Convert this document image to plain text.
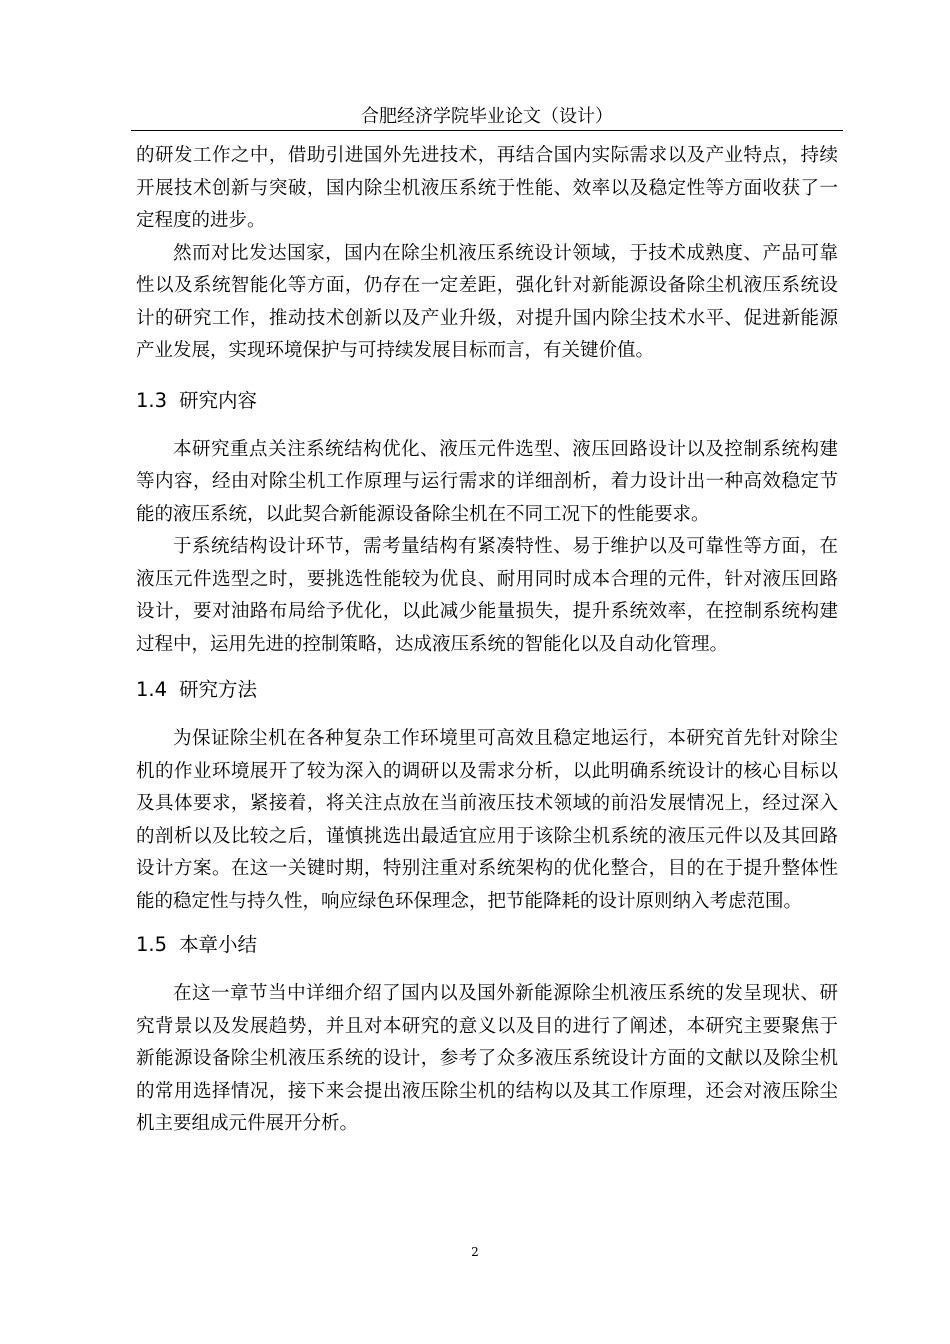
合肥经济学院毕业论文（设计）

的研发工作之中，借助引进国外先进技术，再结合国内实际需求以及产业特点，持续开展技术创新与突破，国内除尘机液压系统于性能、效率以及稳定性等方面收获了一定程度的进步。

然而对比发达国家，国内在除尘机液压系统设计领域，于技术成熟度、产品可靠性以及系统智能化等方面，仍存在一定差距，强化针对新能源设备除尘机液压系统设计的研究工作，推动技术创新以及产业升级，对提升国内除尘技术水平、促进新能源产业发展，实现环境保护与可持续发展目标而言，有关键价值。

1.3 研究内容

本研究重点关注系统结构优化、液压元件选型、液压回路设计以及控制系统构建等内容，经由对除尘机工作原理与运行需求的详细剖析，着力设计出一种高效稳定节能的液压系统，以此契合新能源设备除尘机在不同工况下的性能要求。

于系统结构设计环节，需考量结构有紧凑特性、易于维护以及可靠性等方面，在液压元件选型之时，要挑选性能较为优良、耐用同时成本合理的元件，针对液压回路设计，要对油路布局给予优化，以此减少能量损失，提升系统效率，在控制系统构建过程中，运用先进的控制策略，达成液压系统的智能化以及自动化管理。

1.4 研究方法

为保证除尘机在各种复杂工作环境里可高效且稳定地运行，本研究首先针对除尘机的作业环境展开了较为深入的调研以及需求分析，以此明确系统设计的核心目标以及具体要求，紧接着，将关注点放在当前液压技术领域的前沿发展情况上，经过深入的剖析以及比较之后，谨慎挑选出最适宜应用于该除尘机系统的液压元件以及其回路设计方案。在这一关键时期，特别注重对系统架构的优化整合，目的在于提升整体性能的稳定性与持久性，响应绿色环保理念，把节能降耗的设计原则纳入考虑范围。

1.5 本章小结

在这一章节当中详细介绍了国内以及国外新能源除尘机液压系统的发呈现状、研究背景以及发展趋势，并且对本研究的意义以及目的进行了阐述，本研究主要聚焦于新能源设备除尘机液压系统的设计，参考了众多液压系统设计方面的文献以及除尘机的常用选择情况，接下来会提出液压除尘机的结构以及其工作原理，还会对液压除尘机主要组成元件展开分析。

2
